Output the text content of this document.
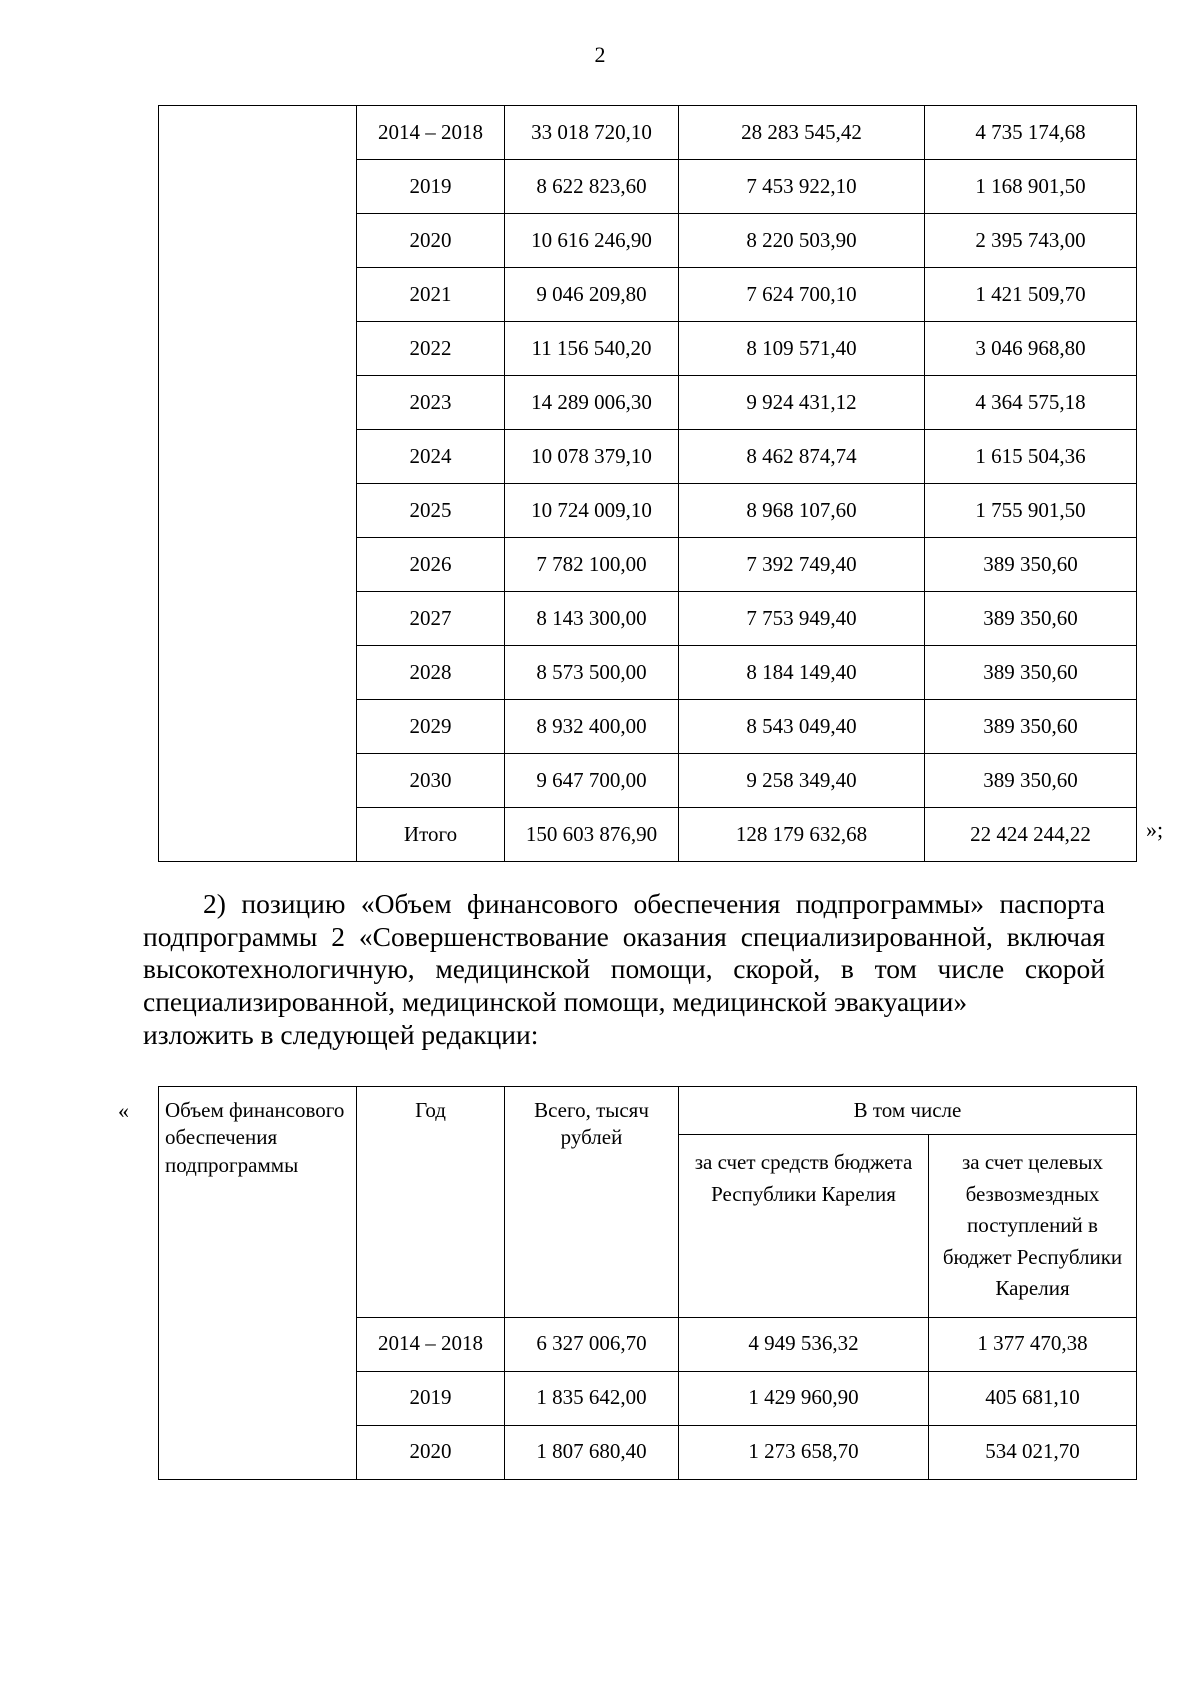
2
	2014 – 2018	33 018 720,10	28 283 545,42	4 735 174,68
	2019	8 622 823,60	7 453 922,10	1 168 901,50
	2020	10 616 246,90	8 220 503,90	2 395 743,00
	2021	9 046 209,80	7 624 700,10	1 421 509,70
	2022	11 156 540,20	8 109 571,40	3 046 968,80
	2023	14 289 006,30	9 924 431,12	4 364 575,18
	2024	10 078 379,10	8 462 874,74	1 615 504,36
	2025	10 724 009,10	8 968 107,60	1 755 901,50
	2026	7 782 100,00	7 392 749,40	389 350,60
	2027	8 143 300,00	7 753 949,40	389 350,60
	2028	8 573 500,00	8 184 149,40	389 350,60
	2029	8 932 400,00	8 543 049,40	389 350,60
	2030	9 647 700,00	9 258 349,40	389 350,60
	Итого	150 603 876,90	128 179 632,68	22 424 244,22	»;
2) позицию «Объем финансового обеспечения подпрограммы» паспорта подпрограммы 2 «Совершенствование оказания специализированной, включая высокотехнологичную, медицинской помощи, скорой, в том числе скорой специализированной, медицинской помощи, медицинской эвакуации»
изложить в следующей редакции:
« Объем финансового обеспечения подпрограммы	Год	Всего, тысяч рублей	В том числе	
			за счет средств бюджета Республики Карелия	за счет целевых безвозмездных поступлений в бюджет Республики Карелия
	2014 – 2018	6 327 006,70	4 949 536,32	1 377 470,38
	2019	1 835 642,00	1 429 960,90	405 681,10
	2020	1 807 680,40	1 273 658,70	534 021,70
